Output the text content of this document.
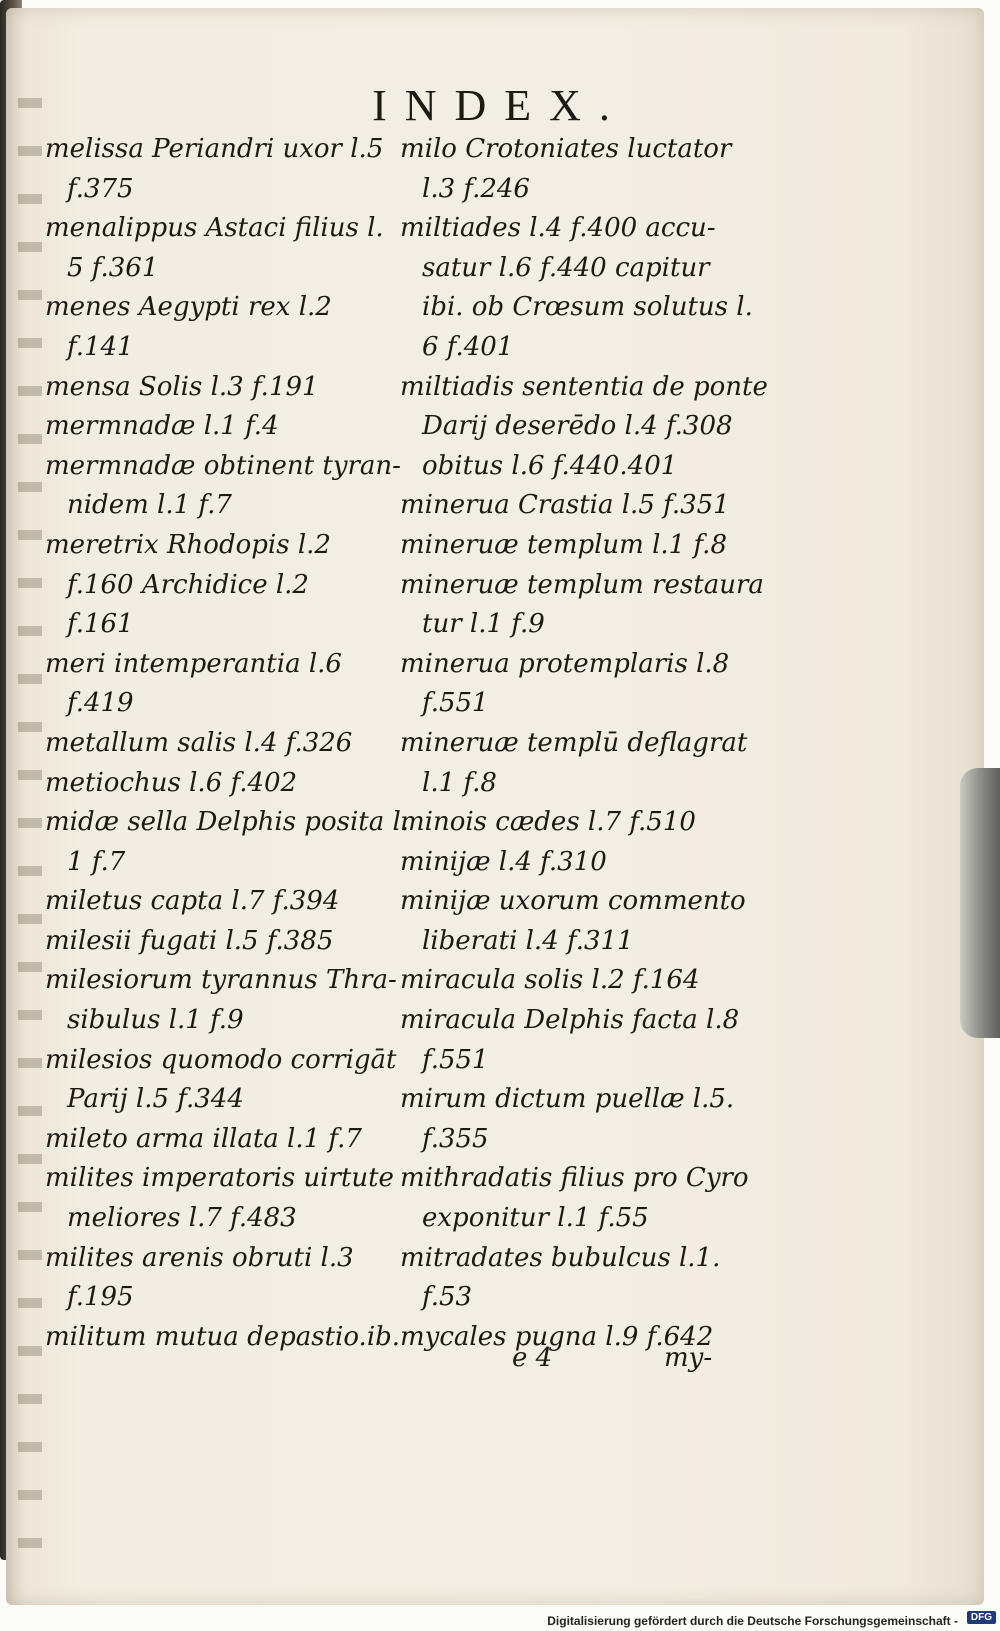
INDEX.
melissa Periandri uxor l.5
f.375
menalippus Astaci filius l.
5 f.361
menes Aegypti rex l.2
f.141
mensa Solis l.3 f.191
mermnadæ l.1 f.4
mermnadæ obtinent tyran-
nidem l.1 f.7
meretrix Rhodopis l.2
f.160 Archidice l.2
f.161
meri intemperantia l.6
f.419
metallum salis l.4 f.326
metiochus l.6 f.402
midæ sella Delphis posita l.
1 f.7
miletus capta l.7 f.394
milesii fugati l.5 f.385
milesiorum tyrannus Thra-
sibulus l.1 f.9
milesios quomodo corrigāt
Parij l.5 f.344
mileto arma illata l.1 f.7
milites imperatoris uirtute
meliores l.7 f.483
milites arenis obruti l.3
f.195
militum mutua depastio.ib.
milo Crotoniates luctator
l.3 f.246
miltiades l.4 f.400 accu-
satur l.6 f.440 capitur
ibi. ob Crœsum solutus l.
6 f.401
miltiadis sententia de ponte
Darij deserēdo l.4 f.308
obitus l.6 f.440.401
minerua Crastia l.5 f.351
mineruæ templum l.1 f.8
mineruæ templum restaura
tur l.1 f.9
minerua protemplaris l.8
f.551
mineruæ templū deflagrat
l.1 f.8
minois cædes l.7 f.510
minijæ l.4 f.310
minijæ uxorum commento
liberati l.4 f.311
miracula solis l.2 f.164
miracula Delphis facta l.8
f.551
mirum dictum puellæ l.5.
f.355
mithradatis filius pro Cyro
exponitur l.1 f.55
mitradates bubulcus l.1.
f.53
mycales pugna l.9 f.642
e 4	my-
Digitalisierung gefördert durch die Deutsche Forschungsgemeinschaft -	DFG
